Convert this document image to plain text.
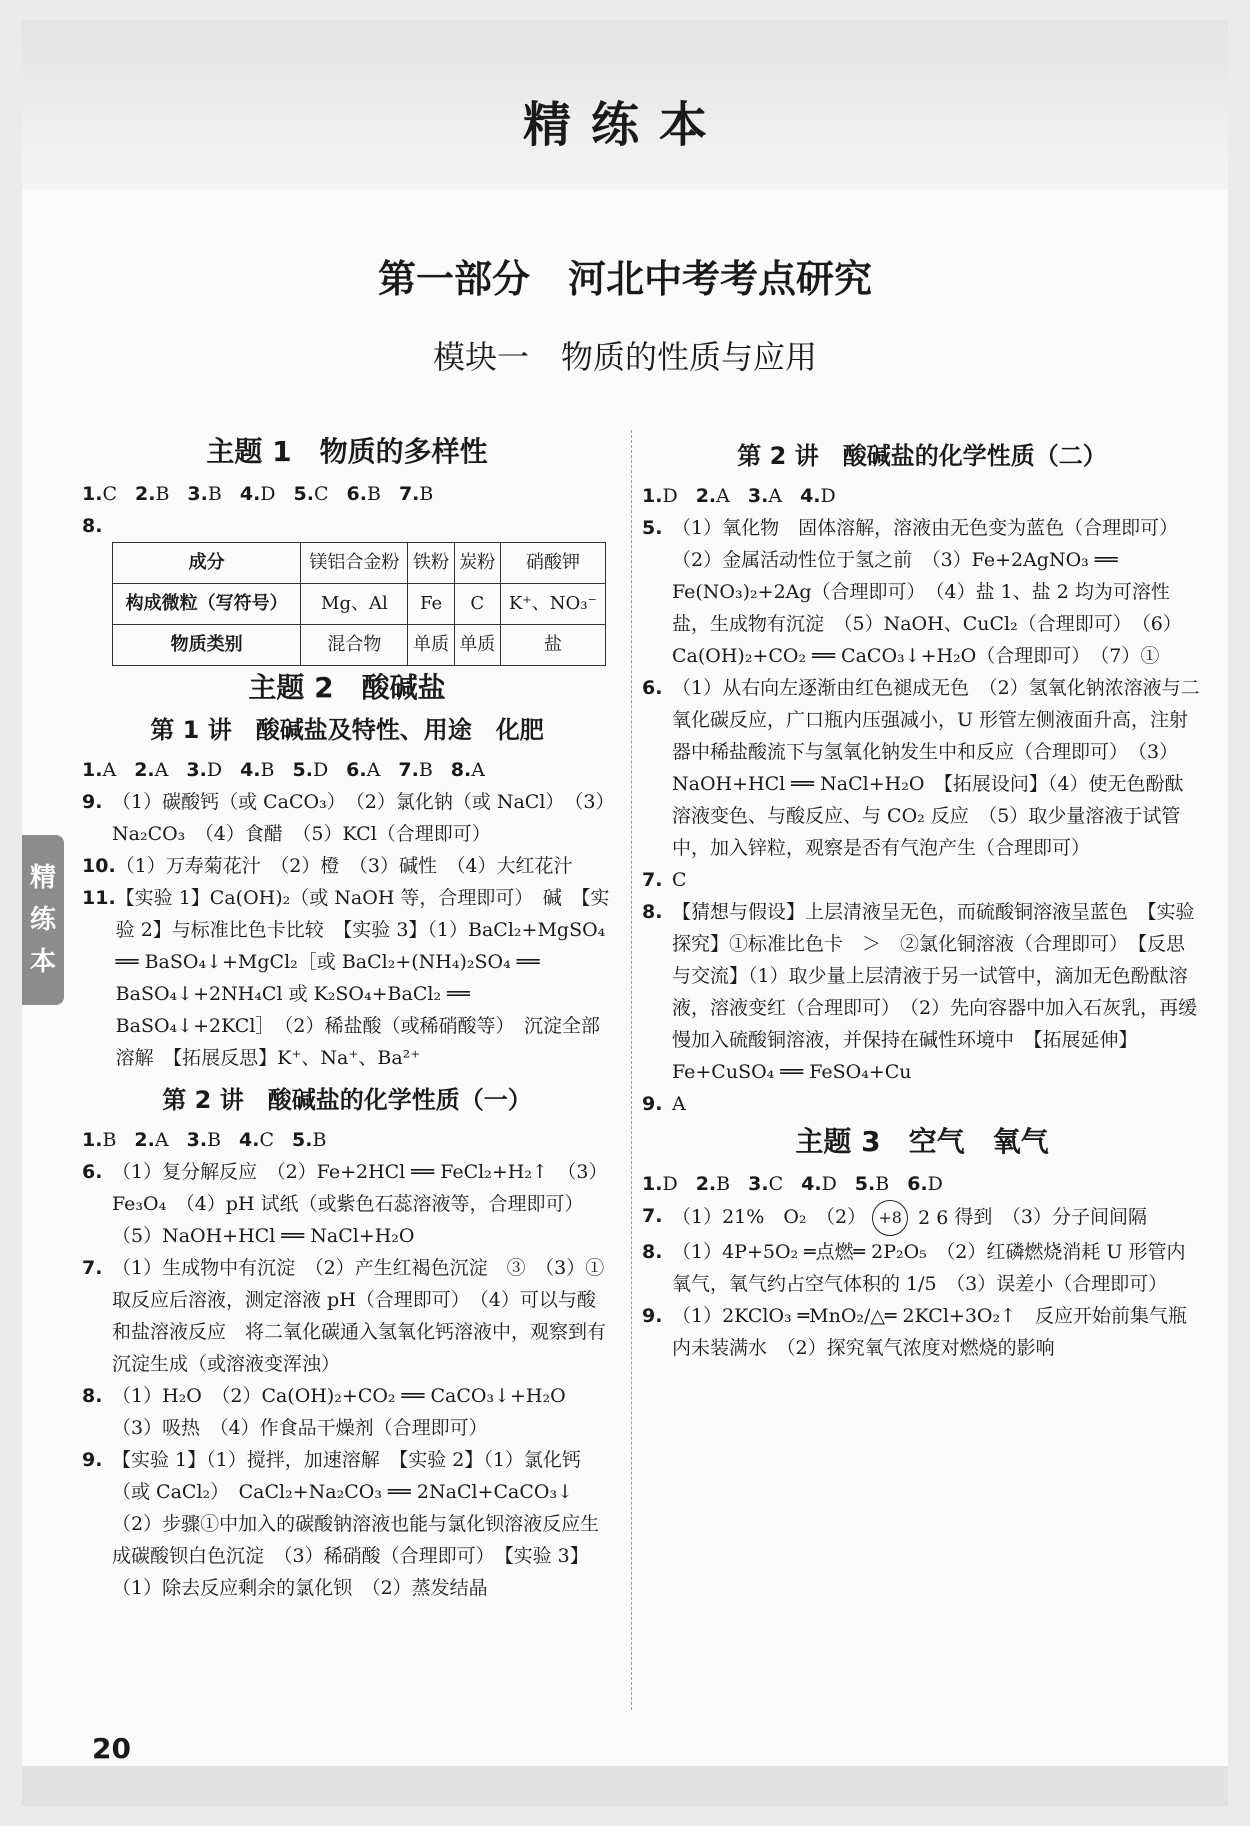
精练本
第一部分　河北中考考点研究
模块一　物质的性质与应用
精
练
本
主题 1　物质的多样性
1.C 2.B 3.B 4.D 5.C 6.B 7.B
8.
成分	镁铝合金粉	铁粉	炭粉	硝酸钾
构成微粒（写符号）	Mg、Al	Fe	C	K⁺、NO₃⁻
物质类别	混合物	单质	单质	盐
主题 2　酸碱盐
第 1 讲　酸碱盐及特性、用途　化肥
1.A 2.A 3.D 4.B 5.D 6.A 7.B 8.A
9. （1）碳酸钙（或 CaCO₃）　（2）氯化钠（或 NaCl）　（3）Na₂CO₃　（4）食醋　（5）KCl（合理即可）
10. （1）万寿菊花汁　（2）橙　（3）碱性　（4）大红花汁
11. 【实验 1】Ca(OH)₂（或 NaOH 等，合理即可）　碱　【实验 2】与标准比色卡比较　【实验 3】（1）BaCl₂+MgSO₄ ══ BaSO₄↓+MgCl₂［或 BaCl₂+(NH₄)₂SO₄ ══ BaSO₄↓+2NH₄Cl 或 K₂SO₄+BaCl₂ ══ BaSO₄↓+2KCl］　（2）稀盐酸（或稀硝酸等）　沉淀全部溶解　【拓展反思】K⁺、Na⁺、Ba²⁺
第 2 讲　酸碱盐的化学性质（一）
1.B 2.A 3.B 4.C 5.B
6. （1）复分解反应　（2）Fe+2HCl ══ FeCl₂+H₂↑　（3）Fe₃O₄　（4）pH 试纸（或紫色石蕊溶液等，合理即可）　（5）NaOH+HCl ══ NaCl+H₂O
7. （1）生成物中有沉淀　（2）产生红褐色沉淀　③　（3）①　取反应后溶液，测定溶液 pH（合理即可）　（4）可以与酸和盐溶液反应　将二氧化碳通入氢氧化钙溶液中，观察到有沉淀生成（或溶液变浑浊）
8. （1）H₂O　（2）Ca(OH)₂+CO₂ ══ CaCO₃↓+H₂O　（3）吸热　（4）作食品干燥剂（合理即可）
9. 【实验 1】（1）搅拌，加速溶解　【实验 2】（1）氯化钙（或 CaCl₂）　CaCl₂+Na₂CO₃ ══ 2NaCl+CaCO₃↓　（2）步骤①中加入的碳酸钠溶液也能与氯化钡溶液反应生成碳酸钡白色沉淀　（3）稀硝酸（合理即可）　【实验 3】（1）除去反应剩余的氯化钡　（2）蒸发结晶
第 2 讲　酸碱盐的化学性质（二）
1.D 2.A 3.A 4.D
5. （1）氧化物　固体溶解，溶液由无色变为蓝色（合理即可）　（2）金属活动性位于氢之前　（3）Fe+2AgNO₃ ══ Fe(NO₃)₂+2Ag（合理即可）　（4）盐 1、盐 2 均为可溶性盐，生成物有沉淀　（5）NaOH、CuCl₂（合理即可）　（6）Ca(OH)₂+CO₂ ══ CaCO₃↓+H₂O（合理即可）　（7）①
6. （1）从右向左逐渐由红色褪成无色　（2）氢氧化钠浓溶液与二氧化碳反应，广口瓶内压强减小，U 形管左侧液面升高，注射器中稀盐酸流下与氢氧化钠发生中和反应（合理即可）　（3）NaOH+HCl ══ NaCl+H₂O　【拓展设问】（4）使无色酚酞溶液变色、与酸反应、与 CO₂ 反应　（5）取少量溶液于试管中，加入锌粒，观察是否有气泡产生（合理即可）
7. C
8. 【猜想与假设】上层清液呈无色，而硫酸铜溶液呈蓝色　【实验探究】①标准比色卡　＞　②氯化铜溶液（合理即可）　【反思与交流】（1）取少量上层清液于另一试管中，滴加无色酚酞溶液，溶液变红（合理即可）　（2）先向容器中加入石灰乳，再缓慢加入硫酸铜溶液，并保持在碱性环境中　【拓展延伸】Fe+CuSO₄ ══ FeSO₄+Cu
9. A
主题 3　空气　氧气
1.D 2.B 3.C 4.D 5.B 6.D
7. （1）21%　O₂　（2） +8 2 6 得到　（3）分子间间隔
8. （1）4P+5O₂ ═点燃═ 2P₂O₅　（2）红磷燃烧消耗 U 形管内氧气，氧气约占空气体积的 1/5　（3）误差小（合理即可）
9. （1）2KClO₃ ═MnO₂/△═ 2KCl+3O₂↑　反应开始前集气瓶内未装满水　（2）探究氧气浓度对燃烧的影响
20
